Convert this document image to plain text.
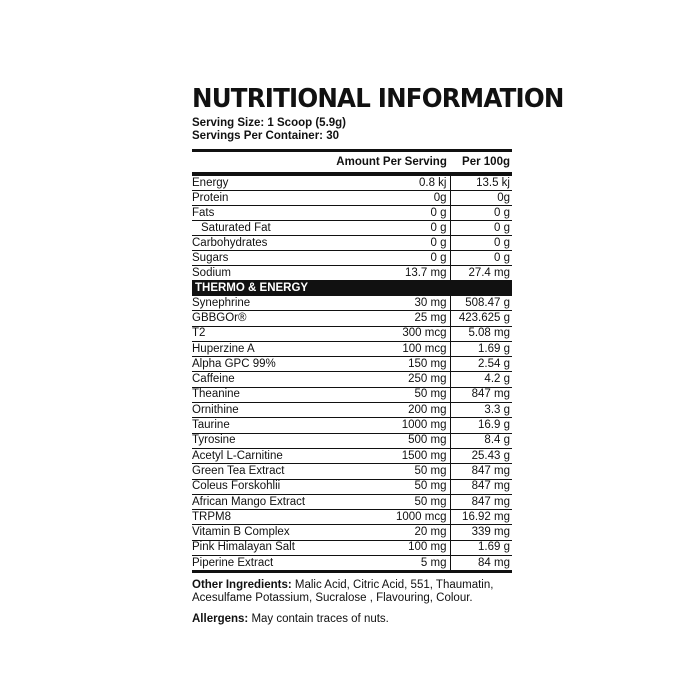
NUTRITIONAL INFORMATION
Serving Size: 1 Scoop (5.9g)
Servings Per Container: 30
Amount Per Serving	Per 100g
Energy	0.8 kj	13.5 kj
Protein	0g	0g
Fats	0 g	0 g
Saturated Fat	0 g	0 g
Carbohydrates	0 g	0 g
Sugars	0 g	0 g
Sodium	13.7 mg	27.4 mg
THERMO & ENERGY		
Synephrine	30 mg	508.47 g
GBBGOr®	25 mg	423.625 g
T2	300 mcg	5.08 mg
Huperzine A	100 mcg	1.69 g
Alpha GPC 99%	150 mg	2.54 g
Caffeine	250 mg	4.2 g
Theanine	50 mg	847 mg
Ornithine	200 mg	3.3 g
Taurine	1000 mg	16.9 g
Tyrosine	500 mg	8.4 g
Acetyl L-Carnitine	1500 mg	25.43 g
Green Tea Extract	50 mg	847 mg
Coleus Forskohlii	50 mg	847 mg
African Mango Extract	50 mg	847 mg
TRPM8	1000 mcg	16.92 mg
Vitamin B Complex	20 mg	339 mg
Pink Himalayan Salt	100 mg	1.69 g
Piperine Extract	5 mg	84 mg
Other Ingredients: Malic Acid, Citric Acid, 551, Thaumatin,
Acesulfame Potassium, Sucralose , Flavouring, Colour.
Allergens: May contain traces of nuts.
